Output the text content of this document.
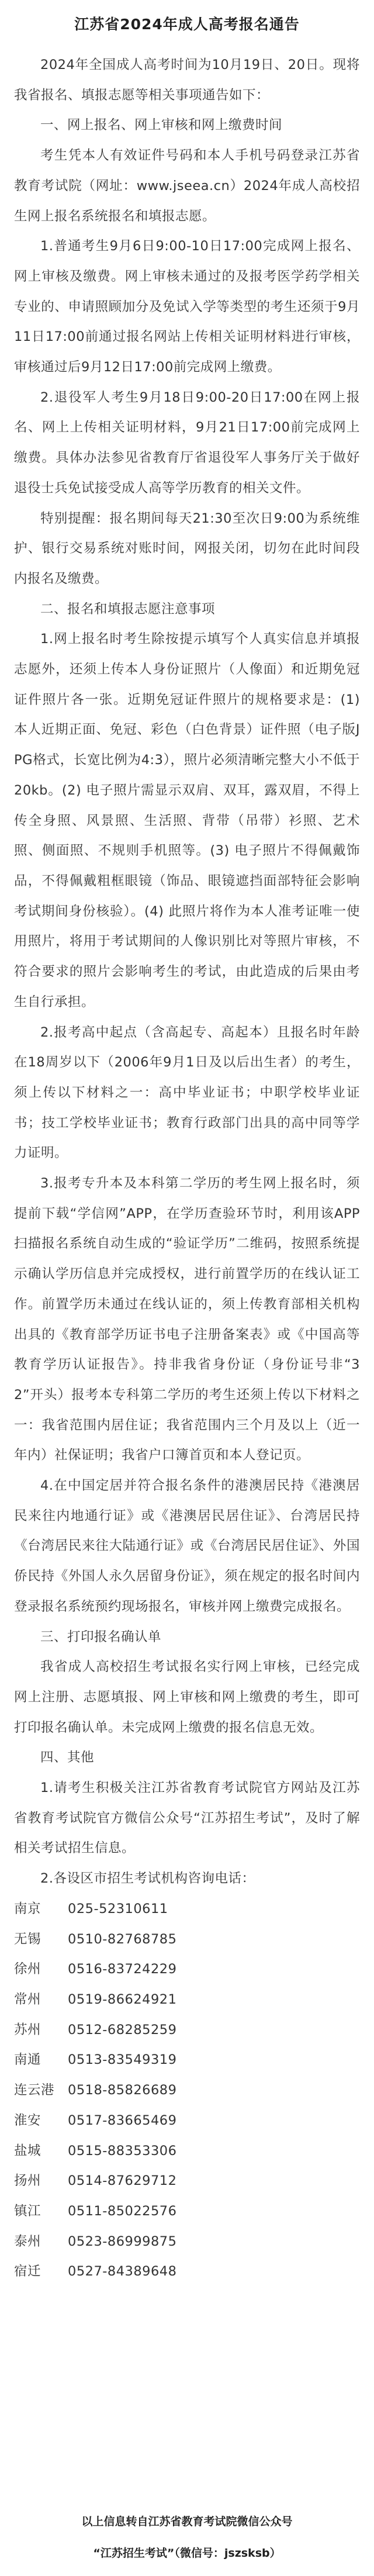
江苏省2024年成人高考报名通告

2024年全国成人高考时间为10月19日、20日。现将我省报名、填报志愿等相关事项通告如下：

一、网上报名、网上审核和网上缴费时间

考生凭本人有效证件号码和本人手机号码登录江苏省教育考试院（网址：www.jseea.cn）2024年成人高校招生网上报名系统报名和填报志愿。

1.普通考生9月6日9:00-10日17:00完成网上报名、网上审核及缴费。网上审核未通过的及报考医学药学相关专业的、申请照顾加分及免试入学等类型的考生还须于9月11日17:00前通过报名网站上传相关证明材料进行审核，审核通过后9月12日17:00前完成网上缴费。

2.退役军人考生9月18日9:00-20日17:00在网上报名、网上上传相关证明材料，9月21日17:00前完成网上缴费。具体办法参见省教育厅省退役军人事务厅关于做好退役士兵免试接受成人高等学历教育的相关文件。

特别提醒：报名期间每天21:30至次日9:00为系统维护、银行交易系统对账时间，网报关闭，切勿在此时间段内报名及缴费。

二、报名和填报志愿注意事项

1.网上报名时考生除按提示填写个人真实信息并填报志愿外，还须上传本人身份证照片（人像面）和近期免冠证件照片各一张。近期免冠证件照片的规格要求是：(1) 本人近期正面、免冠、彩色（白色背景）证件照（电子版JPG格式，长宽比例为4:3），照片必须清晰完整大小不低于20kb。(2) 电子照片需显示双肩、双耳，露双眉，不得上传全身照、风景照、生活照、背带（吊带）衫照、艺术照、侧面照、不规则手机照等。(3) 电子照片不得佩戴饰品，不得佩戴粗框眼镜（饰品、眼镜遮挡面部特征会影响考试期间身份核验）。(4) 此照片将作为本人准考证唯一使用照片，将用于考试期间的人像识别比对等照片审核，不符合要求的照片会影响考生的考试，由此造成的后果由考生自行承担。

2.报考高中起点（含高起专、高起本）且报名时年龄在18周岁以下（2006年9月1日及以后出生者）的考生，须上传以下材料之一：高中毕业证书；中职学校毕业证书；技工学校毕业证书；教育行政部门出具的高中同等学力证明。

3.报考专升本及本科第二学历的考生网上报名时，须提前下载“学信网”APP，在学历查验环节时，利用该APP扫描报名系统自动生成的“验证学历”二维码，按照系统提示确认学历信息并完成授权，进行前置学历的在线认证工作。前置学历未通过在线认证的，须上传教育部相关机构出具的《教育部学历证书电子注册备案表》或《中国高等教育学历认证报告》。持非我省身份证（身份证号非“32”开头）报考本专科第二学历的考生还须上传以下材料之一：我省范围内居住证；我省范围内三个月及以上（近一年内）社保证明；我省户口簿首页和本人登记页。

4.在中国定居并符合报名条件的港澳居民持《港澳居民来往内地通行证》或《港澳居民居住证》、台湾居民持《台湾居民来往大陆通行证》或《台湾居民居住证》、外国侨民持《外国人永久居留身份证》，须在规定的报名时间内登录报名系统预约现场报名，审核并网上缴费完成报名。

三、打印报名确认单

我省成人高校招生考试报名实行网上审核，已经完成网上注册、志愿填报、网上审核和网上缴费的考生，即可打印报名确认单。未完成网上缴费的报名信息无效。

四、其他

1.请考生积极关注江苏省教育考试院官方网站及江苏省教育考试院官方微信公众号“江苏招生考试”，及时了解相关考试招生信息。

2.各设区市招生考试机构咨询电话：

南京 025-52310611

无锡 0510-82768785

徐州 0516-83724229

常州 0519-86624921

苏州 0512-68285259

南通 0513-83549319

连云港 0518-85826689

淮安 0517-83665469

盐城 0515-88353306

扬州 0514-87629712

镇江 0511-85022576

泰州 0523-86999875

宿迁 0527-84389648

以上信息转自江苏省教育考试院微信公众号
“江苏招生考试”（微信号：jszsksb）
